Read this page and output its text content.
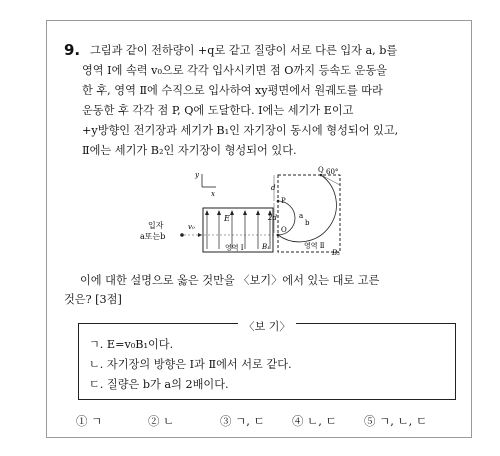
9. 그림과 같이 전하량이 +q로 같고 질량이 서로 다른 입자 a, b를
영역 Ⅰ에 속력 v₀으로 각각 입사시키면 점 O까지 등속도 운동을
한 후, 영역 Ⅱ에 수직으로 입사하여 xy평면에서 원궤도를 따라
운동한 후 각각 점 P, Q에 도달한다. Ⅰ에는 세기가 E이고
+y방향인 전기장과 세기가 B₁인 자기장이 동시에 형성되어 있고,
Ⅱ에는 세기가 B₂인 자기장이 형성되어 있다.
y
x
E
영역 Ⅰ	B₁
입자
a또는b
v₀
영역 Ⅱ
B₂
O
P
Q
d
2d	a
b
60°
이에 대한 설명으로 옳은 것만을 〈보기〉에서 있는 대로 고른
것은? [3점]
〈보 기〉
ㄱ. E=v₀B₁이다.
ㄴ. 자기장의 방향은 Ⅰ과 Ⅱ에서 서로 같다.
ㄷ. 질량은 b가 a의 2배이다.
① ㄱ	② ㄴ	③ ㄱ, ㄷ ④ ㄴ, ㄷ ⑤ ㄱ, ㄴ, ㄷ
